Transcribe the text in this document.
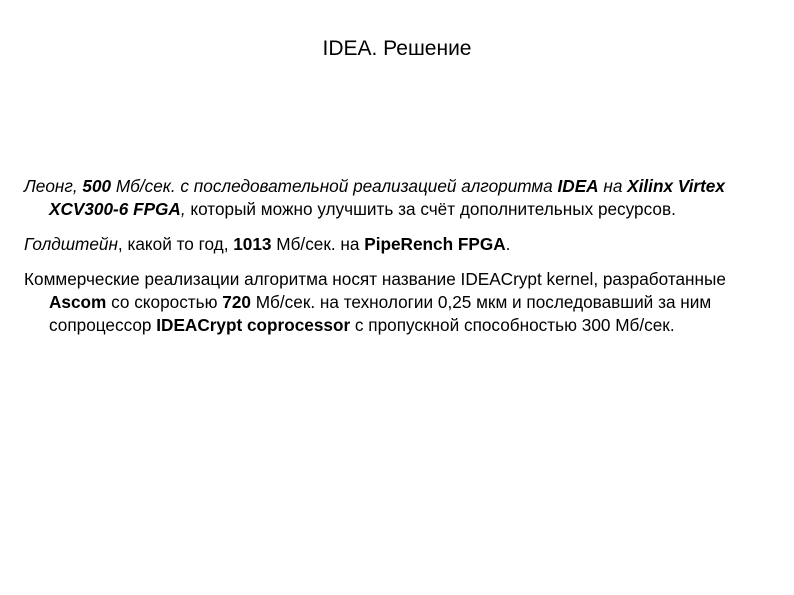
IDEA. Решение

Леонг, 500 Мб/сек. с последовательной реализацией алгоритма IDEA на Xilinx Virtex XCV300-6 FPGA, который можно улучшить за счёт дополнительных ресурсов.

Голдштейн, какой то год, 1013 Мб/сек. на PipeRench FPGA.

Коммерческие реализации алгоритма носят название IDEACrypt kernel, разработанные Ascom со скоростью 720 Мб/сек. на технологии 0,25 мкм и последовавший за ним сопроцессор IDEACrypt coprocessor с пропускной способностью 300 Мб/сек.
